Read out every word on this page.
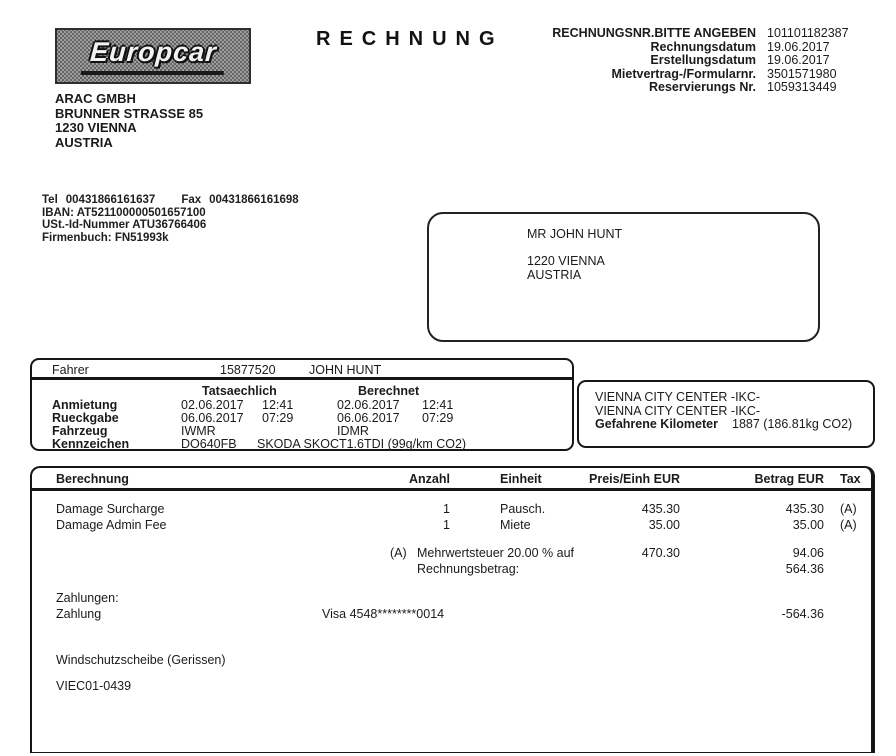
Europcar	RECHNUNG	RECHNUNGSNR.BITTE ANGEBEN 101101182387
Rechnungsdatum 19.06.2017
Erstellungsdatum 19.06.2017
Mietvertrag-/Formularnr. 3501571980
Reservierungs Nr. 1059313449
ARAC GMBH
BRUNNER STRASSE 85
1230 VIENNA
AUSTRIA
Tel 00431866161637 Fax 00431866161698
IBAN: AT521100000501657100
USt.-Id-Nummer ATU36766406
Firmenbuch: FN51993k	MR JOHN HUNT
1220 VIENNA
AUSTRIA
Fahrer	15877520	JOHN HUNT
Tatsaechlich	Berechnet
Anmietung	02.06.2017 12:41	02.06.2017 12:41
Rueckgabe	06.06.2017 07:29	06.06.2017 07:29
Fahrzeug	IWMR	IDMR
Kennzeichen	DO640FB SKODA SKOCT1.6TDI (99g/km CO2)
VIENNA CITY CENTER -IKC-
VIENNA CITY CENTER -IKC-
Gefahrene Kilometer 1887 (186.81kg CO2)
Berechnung	Anzahl	Einheit	Preis/Einh EUR	Betrag EUR Tax
Damage Surcharge	1	Pausch.	435.30	435.30 (A)
Damage Admin Fee	1	Miete	35.00	35.00 (A)
(A) Mehrwertsteuer 20.00 % auf	470.30	94.06
Rechnungsbetrag:	564.36
Zahlungen:
Zahlung	Visa 4548********0014	-564.36
Windschutzscheibe (Gerissen)
VIEC01-0439
